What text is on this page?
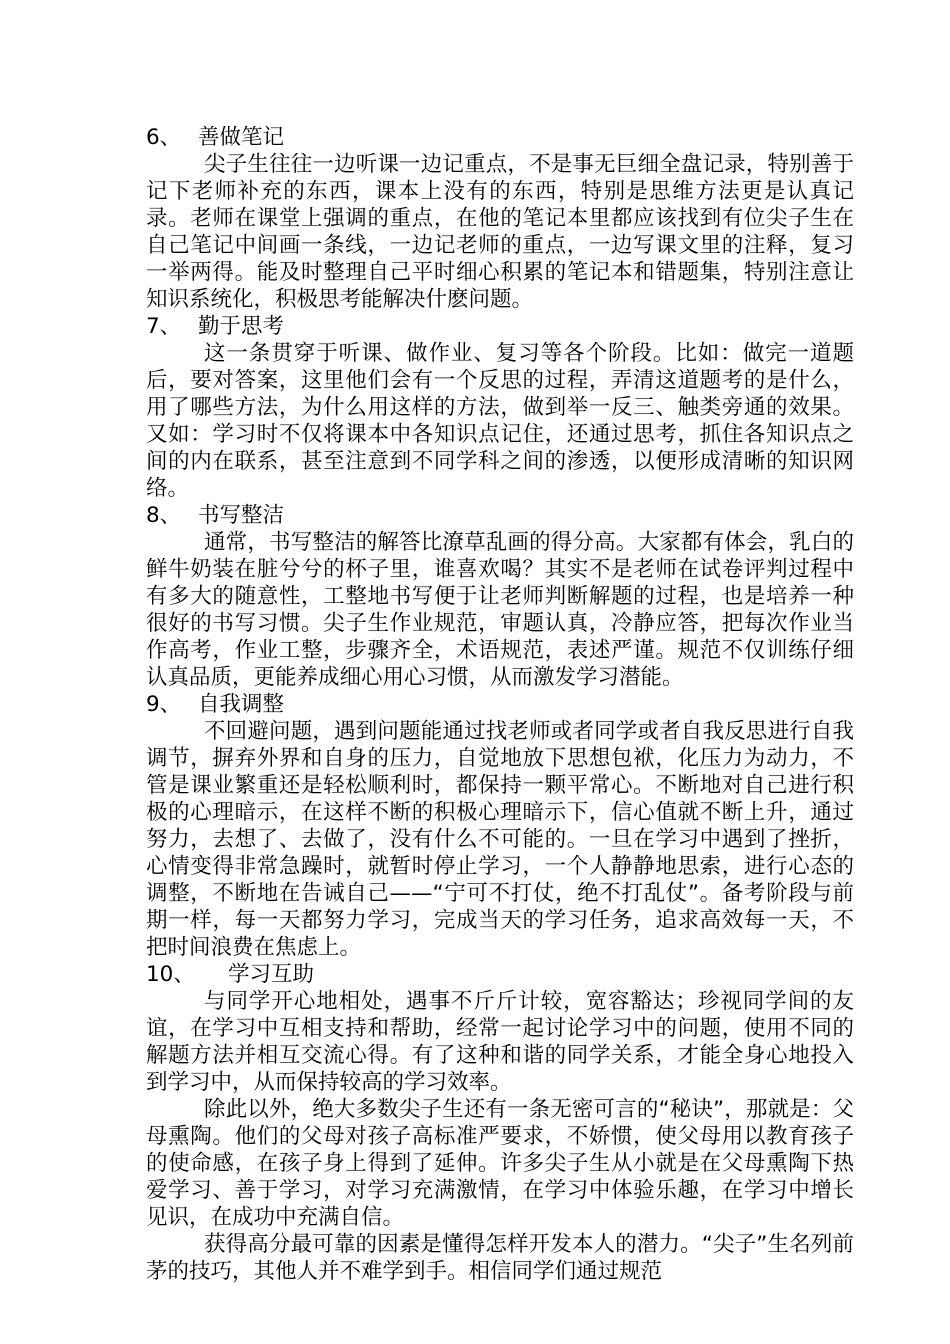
6、 善做笔记

尖子生往往一边听课一边记重点，不是事无巨细全盘记录，特别善于记下老师补充的东西，课本上没有的东西，特别是思维方法更是认真记录。老师在课堂上强调的重点，在他的笔记本里都应该找到有位尖子生在自己笔记中间画一条线，一边记老师的重点，一边写课文里的注释，复习一举两得。能及时整理自己平时细心积累的笔记本和错题集，特别注意让知识系统化，积极思考能解决什麽问题。

7、 勤于思考

这一条贯穿于听课、做作业、复习等各个阶段。比如：做完一道题后，要对答案，这里他们会有一个反思的过程，弄清这道题考的是什么，用了哪些方法，为什么用这样的方法，做到举一反三、触类旁通的效果。又如：学习时不仅将课本中各知识点记住，还通过思考，抓住各知识点之间的内在联系，甚至注意到不同学科之间的渗透，以便形成清晰的知识网络。

8、 书写整洁

通常，书写整洁的解答比潦草乱画的得分高。大家都有体会，乳白的鲜牛奶装在脏兮兮的杯子里，谁喜欢喝？其实不是老师在试卷评判过程中有多大的随意性，工整地书写便于让老师判断解题的过程，也是培养一种很好的书写习惯。尖子生作业规范，审题认真，冷静应答，把每次作业当作高考，作业工整，步骤齐全，术语规范，表述严谨。规范不仅训练仔细认真品质，更能养成细心用心习惯，从而激发学习潜能。

9、 自我调整

不回避问题，遇到问题能通过找老师或者同学或者自我反思进行自我调节，摒弃外界和自身的压力，自觉地放下思想包袱，化压力为动力，不管是课业繁重还是轻松顺利时，都保持一颗平常心。不断地对自己进行积极的心理暗示，在这样不断的积极心理暗示下，信心值就不断上升，通过努力，去想了、去做了，没有什么不可能的。一旦在学习中遇到了挫折，心情变得非常急躁时，就暂时停止学习，一个人静静地思索，进行心态的调整，不断地在告诫自己——“宁可不打仗，绝不打乱仗”。备考阶段与前期一样，每一天都努力学习，完成当天的学习任务，追求高效每一天，不把时间浪费在焦虑上。

10、	学习互助

与同学开心地相处，遇事不斤斤计较，宽容豁达；珍视同学间的友谊，在学习中互相支持和帮助，经常一起讨论学习中的问题，使用不同的解题方法并相互交流心得。有了这种和谐的同学关系，才能全身心地投入到学习中，从而保持较高的学习效率。

除此以外，绝大多数尖子生还有一条无密可言的“秘诀”，那就是：父母熏陶。他们的父母对孩子高标准严要求，不娇惯，使父母用以教育孩子的使命感，在孩子身上得到了延伸。许多尖子生从小就是在父母熏陶下热爱学习、善于学习，对学习充满激情，在学习中体验乐趣，在学习中增长见识，在成功中充满自信。

获得高分最可靠的因素是懂得怎样开发本人的潜力。“尖子”生名列前茅的技巧，其他人并不难学到手。相信同学们通过规范
